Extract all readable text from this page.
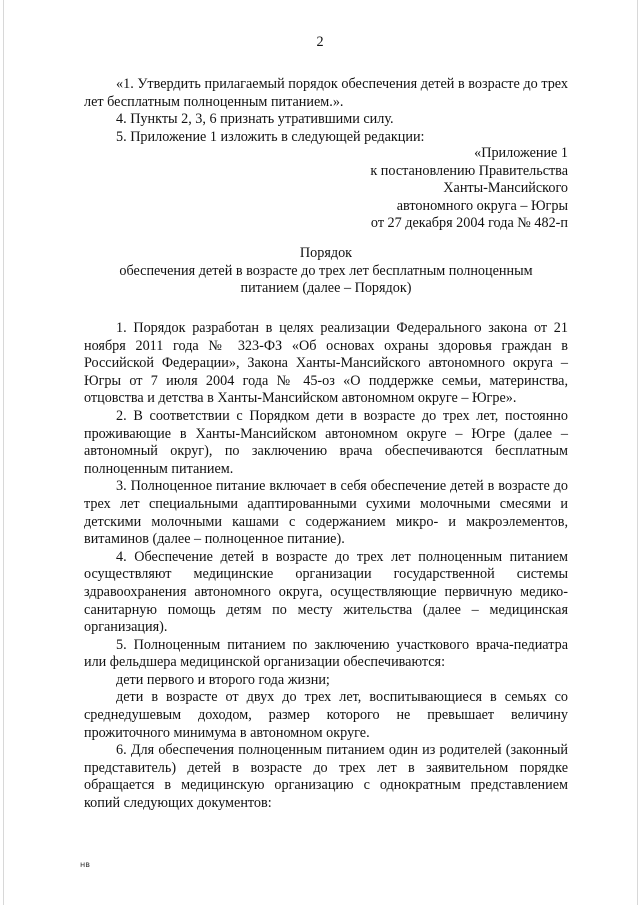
2

«1. Утвердить прилагаемый порядок обеспечения детей в возрасте до трех лет бесплатным полноценным питанием.».

4. Пункты 2, 3, 6 признать утратившими силу.

5. Приложение 1 изложить в следующей редакции:

«Приложение 1
к постановлению Правительства
Ханты-Мансийского
автономного округа – Югры
от 27 декабря 2004 года № 482-п
Порядок
обеспечения детей в возрасте до трех лет бесплатным полноценным
питанием (далее – Порядок)

1. Порядок разработан в целях реализации Федерального закона от 21 ноября 2011 года № 323-ФЗ «Об основах охраны здоровья граждан в Российской Федерации», Закона Ханты-Мансийского автономного округа – Югры от 7 июля 2004 года № 45-оз «О поддержке семьи, материнства, отцовства и детства в Ханты-Мансийском автономном округе – Югре».

2. В соответствии с Порядком дети в возрасте до трех лет, постоянно проживающие в Ханты-Мансийском автономном округе – Югре (далее – автономный округ), по заключению врача обеспечиваются бесплатным полноценным питанием.

3. Полноценное питание включает в себя обеспечение детей в возрасте до трех лет специальными адаптированными сухими молочными смесями и детскими молочными кашами с содержанием микро- и макроэлементов, витаминов (далее – полноценное питание).

4. Обеспечение детей в возрасте до трех лет полноценным питанием осуществляют медицинские организации государственной системы здравоохранения автономного округа, осуществляющие первичную медико-санитарную помощь детям по месту жительства (далее – медицинская организация).

5. Полноценным питанием по заключению участкового врача-педиатра или фельдшера медицинской организации обеспечиваются:

дети первого и второго года жизни;

дети в возрасте от двух до трех лет, воспитывающиеся в семьях со среднедушевым доходом, размер которого не превышает величину прожиточного минимума в автономном округе.

6. Для обеспечения полноценным питанием один из родителей (законный представитель) детей в возрасте до трех лет в заявительном порядке обращается в медицинскую организацию с однократным представлением копий следующих документов:

нв
